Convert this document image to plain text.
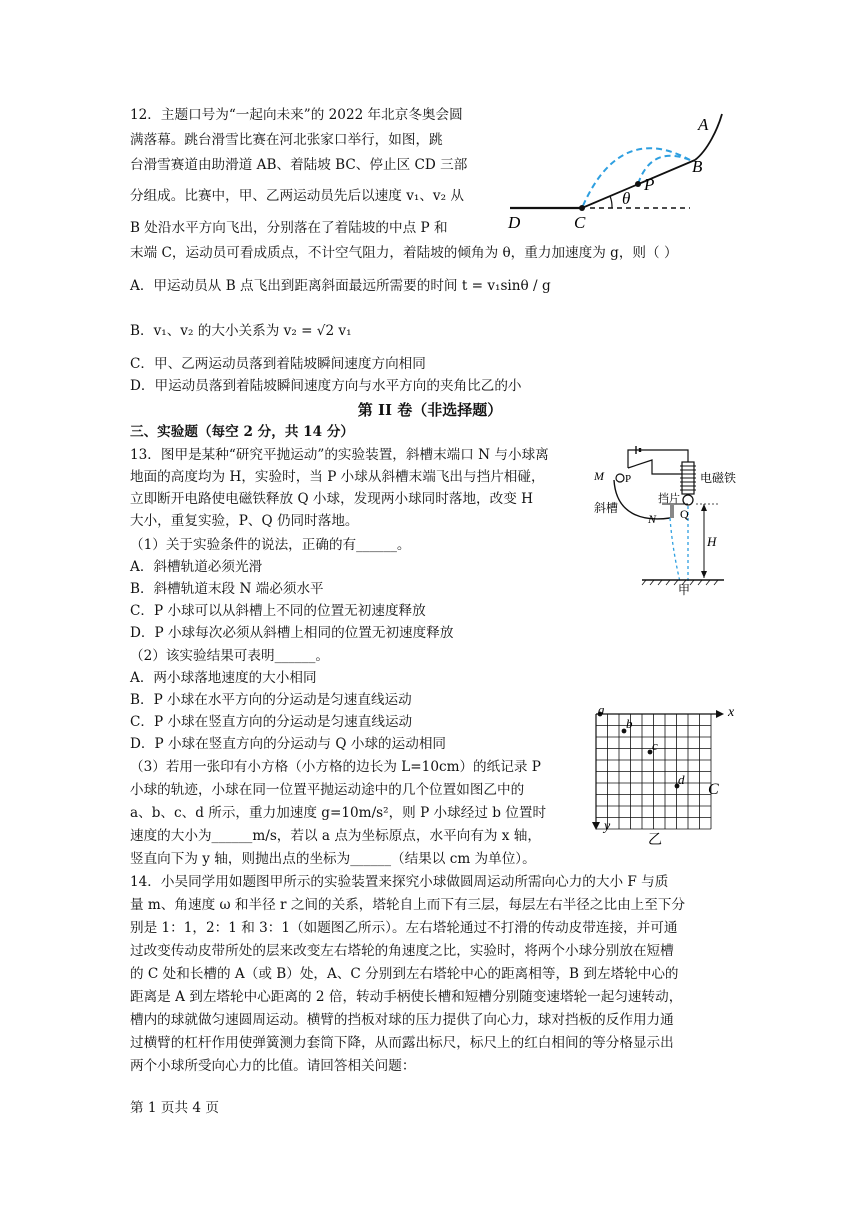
12．主题口号为“一起向未来”的 2022 年北京冬奥会圆
满落幕。跳台滑雪比赛在河北张家口举行，如图，跳
台滑雪赛道由助滑道 AB、着陆坡 BC、停止区 CD 三部
分组成。比赛中，甲、乙两运动员先后以速度 v₁、v₂ 从
B 处沿水平方向飞出，分别落在了着陆坡的中点 P 和
末端 C，运动员可看成质点，不计空气阻力，着陆坡的倾角为 θ，重力加速度为 g，则（ ）
A．甲运动员从 B 点飞出到距离斜面最远所需要的时间 t = v₁sinθ / g
B．v₁、v₂ 的大小关系为 v₂ = √2 v₁
C．甲、乙两运动员落到着陆坡瞬间速度方向相同
D．甲运动员落到着陆坡瞬间速度方向与水平方向的夹角比乙的小
A
B
P
θ
C
D
第 II 卷（非选择题）
三、实验题（每空 2 分，共 14 分）
13．图甲是某种“研究平抛运动”的实验装置，斜槽末端口 N 与小球离
地面的高度均为 H，实验时，当 P 小球从斜槽末端飞出与挡片相碰，
立即断开电路使电磁铁释放 Q 小球，发现两小球同时落地，改变 H
大小，重复实验，P、Q 仍同时落地。
（1）关于实验条件的说法，正确的有______。
A．斜槽轨道必须光滑
B．斜槽轨道末段 N 端必须水平
C．P 小球可以从斜槽上不同的位置无初速度释放
D．P 小球每次必须从斜槽上相同的位置无初速度释放
（2）该实验结果可表明______。
A．两小球落地速度的大小相同
B．P 小球在水平方向的分运动是匀速直线运动
C．P 小球在竖直方向的分运动是匀速直线运动
D．P 小球在竖直方向的分运动与 Q 小球的运动相同
（3）若用一张印有小方格（小方格的边长为 L=10cm）的纸记录 P
小球的轨迹，小球在同一位置平抛运动途中的几个位置如图乙中的
a、b、c、d 所示，重力加速度 g=10m/s²，则 P 小球经过 b 位置时
速度的大小为______m/s，若以 a 点为坐标原点，水平向有为 x 轴，
竖直向下为 y 轴，则抛出点的坐标为______（结果以 cm 为单位）。
M P
斜槽
N
挡片
Q
电磁铁
H
甲
a
b
c
d
x
y
C
乙
14．小吴同学用如题图甲所示的实验装置来探究小球做圆周运动所需向心力的大小 F 与质
量 m、角速度 ω 和半径 r 之间的关系，塔轮自上而下有三层，每层左右半径之比由上至下分
别是 1：1，2：1 和 3：1（如题图乙所示）。左右塔轮通过不打滑的传动皮带连接，并可通
过改变传动皮带所处的层来改变左右塔轮的角速度之比，实验时，将两个小球分别放在短槽
的 C 处和长槽的 A（或 B）处，A、C 分别到左右塔轮中心的距离相等，B 到左塔轮中心的
距离是 A 到左塔轮中心距离的 2 倍，转动手柄使长槽和短槽分别随变速塔轮一起匀速转动，
槽内的球就做匀速圆周运动。横臂的挡板对球的压力提供了向心力，球对挡板的反作用力通
过横臂的杠杆作用使弹簧测力套筒下降，从而露出标尺，标尺上的红白相间的等分格显示出
两个小球所受向心力的比值。请回答相关问题：
第 1 页共 4 页
